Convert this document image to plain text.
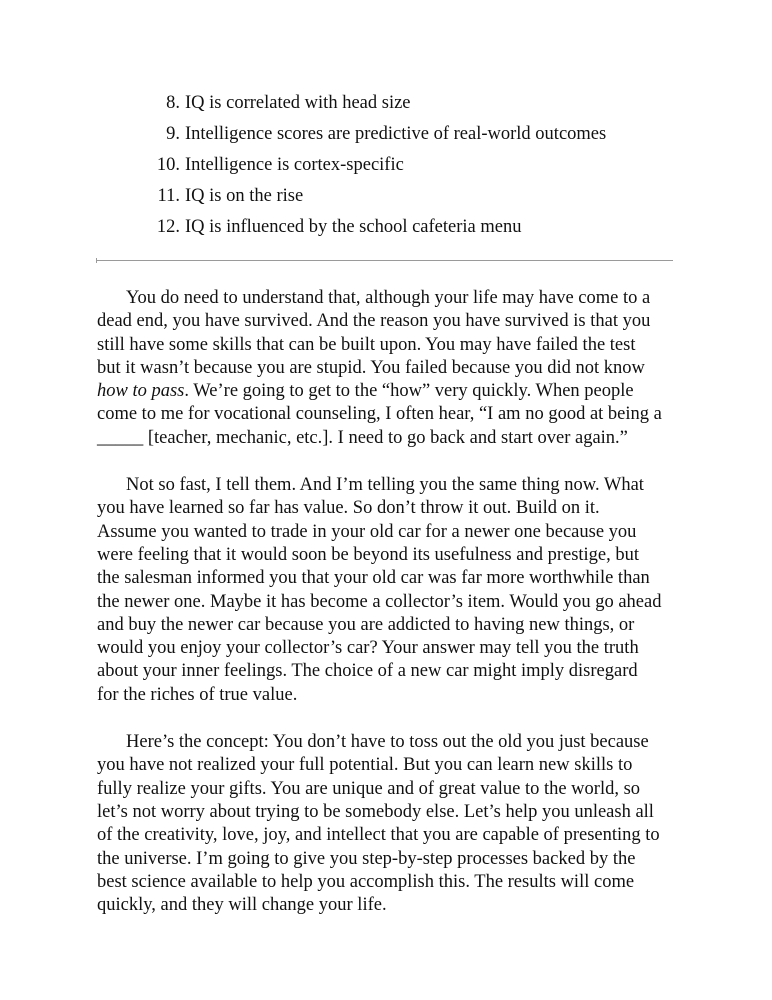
8. IQ is correlated with head size
9. Intelligence scores are predictive of real-world outcomes
10. Intelligence is cortex-specific
11. IQ is on the rise
12. IQ is influenced by the school cafeteria menu

You do need to understand that, although your life may have come to a
dead end, you have survived. And the reason you have survived is that you
still have some skills that can be built upon. You may have failed the test
but it wasn’t because you are stupid. You failed because you did not know
how to pass. We’re going to get to the “how” very quickly. When people
come to me for vocational counseling, I often hear, “I am no good at being a
_____ [teacher, mechanic, etc.]. I need to go back and start over again.”

Not so fast, I tell them. And I’m telling you the same thing now. What
you have learned so far has value. So don’t throw it out. Build on it.
Assume you wanted to trade in your old car for a newer one because you
were feeling that it would soon be beyond its usefulness and prestige, but
the salesman informed you that your old car was far more worthwhile than
the newer one. Maybe it has become a collector’s item. Would you go ahead
and buy the newer car because you are addicted to having new things, or
would you enjoy your collector’s car? Your answer may tell you the truth
about your inner feelings. The choice of a new car might imply disregard
for the riches of true value.

Here’s the concept: You don’t have to toss out the old you just because
you have not realized your full potential. But you can learn new skills to
fully realize your gifts. You are unique and of great value to the world, so
let’s not worry about trying to be somebody else. Let’s help you unleash all
of the creativity, love, joy, and intellect that you are capable of presenting to
the universe. I’m going to give you step-by-step processes backed by the
best science available to help you accomplish this. The results will come
quickly, and they will change your life.
